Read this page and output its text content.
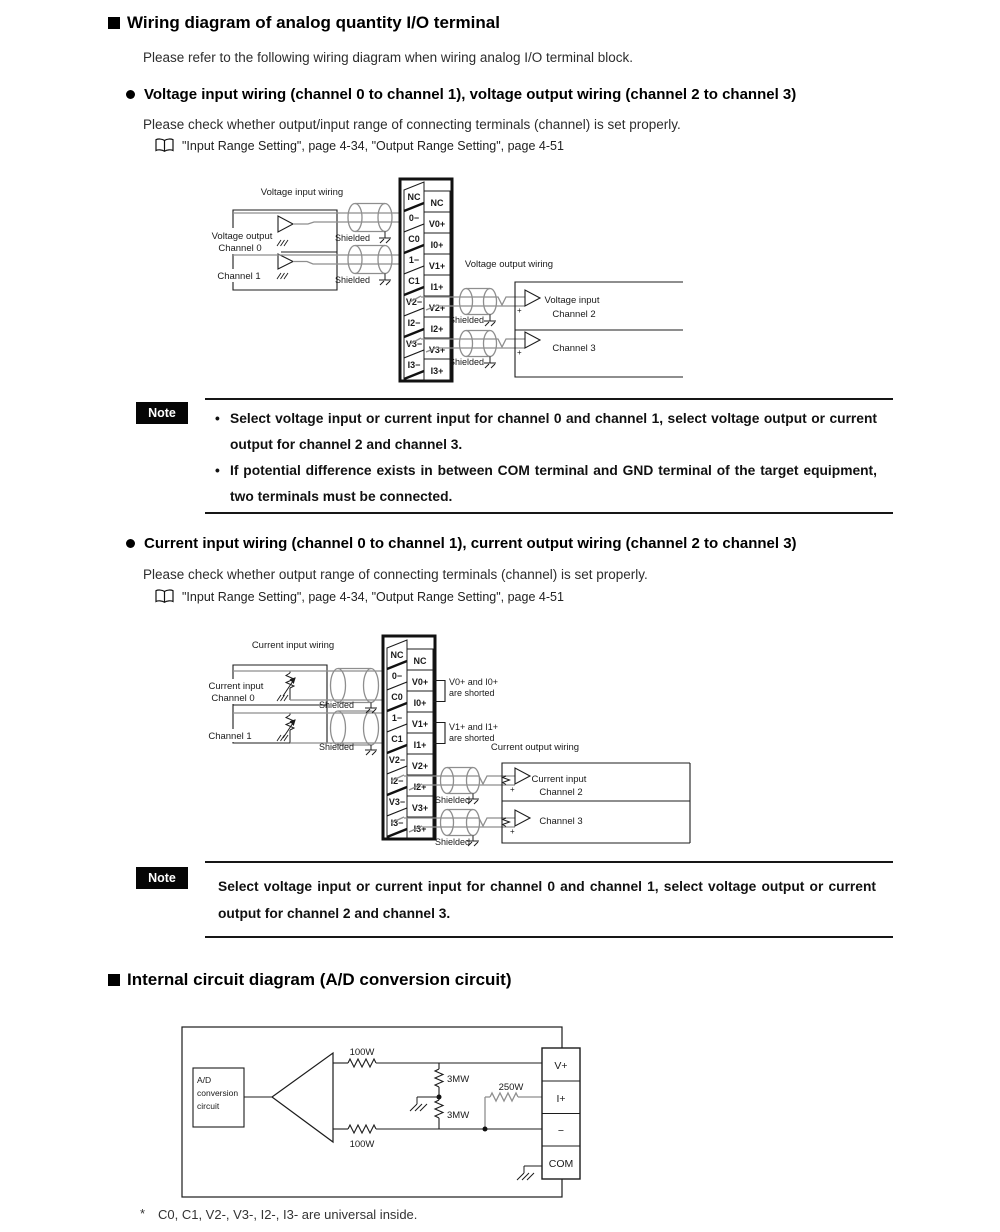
Wiring diagram of analog quantity I/O terminal

Please refer to the following wiring diagram when wiring analog I/O terminal block.

Voltage input wiring (channel 0 to channel 1), voltage output wiring (channel 2 to channel 3)

Please check whether output/input range of connecting terminals (channel) is set properly.

"Input Range Setting", page 4-34, "Output Range Setting", page 4-51
Voltage input wiring
Voltage output wiring
Voltage output
Channel 0
Channel 1
Shielded
Shielded
NC
0−
C0
1−
C1
V2−
I2−
V3−
I3−
NC
V0+
I0+
V1+
I1+
V2+
I2+
V3+
I3+
Shielded
Shielded
+
+
Voltage input
Channel 2
Channel 3
Note	• Select voltage input or current input for channel 0 and channel 1, select voltage output or current output for channel 2 and channel 3.
• If potential difference exists in between COM terminal and GND terminal of the target equipment, two terminals must be connected.
Current input wiring (channel 0 to channel 1), current output wiring (channel 2 to channel 3)

Please check whether output range of connecting terminals (channel) is set properly.

"Input Range Setting", page 4-34, "Output Range Setting", page 4-51
Current input wiring
Current output wiring
Current input
Channel 0
Channel 1
Shielded
Shielded
NC
0−
C0
1−
C1
V2−
I2−
V3−
I3−
NC
V0+
I0+
V1+
I1+
V2+
I2+
V3+
I3+
V0+ and I0+
are shorted
V1+ and I1+
are shorted
Shielded
Shielded
+
+
Current input
Channel 2
Channel 3
Note
Select voltage input or current input for channel 0 and channel 1, select voltage output or current output for channel 2 and channel 3.
Internal circuit diagram (A/D conversion circuit)
A/D
conversion
circuit
100W
100W
3MW
3MW
250W
V+
I+
−
COM
* C0, C1, V2-, V3-, I2-, I3- are universal inside.
